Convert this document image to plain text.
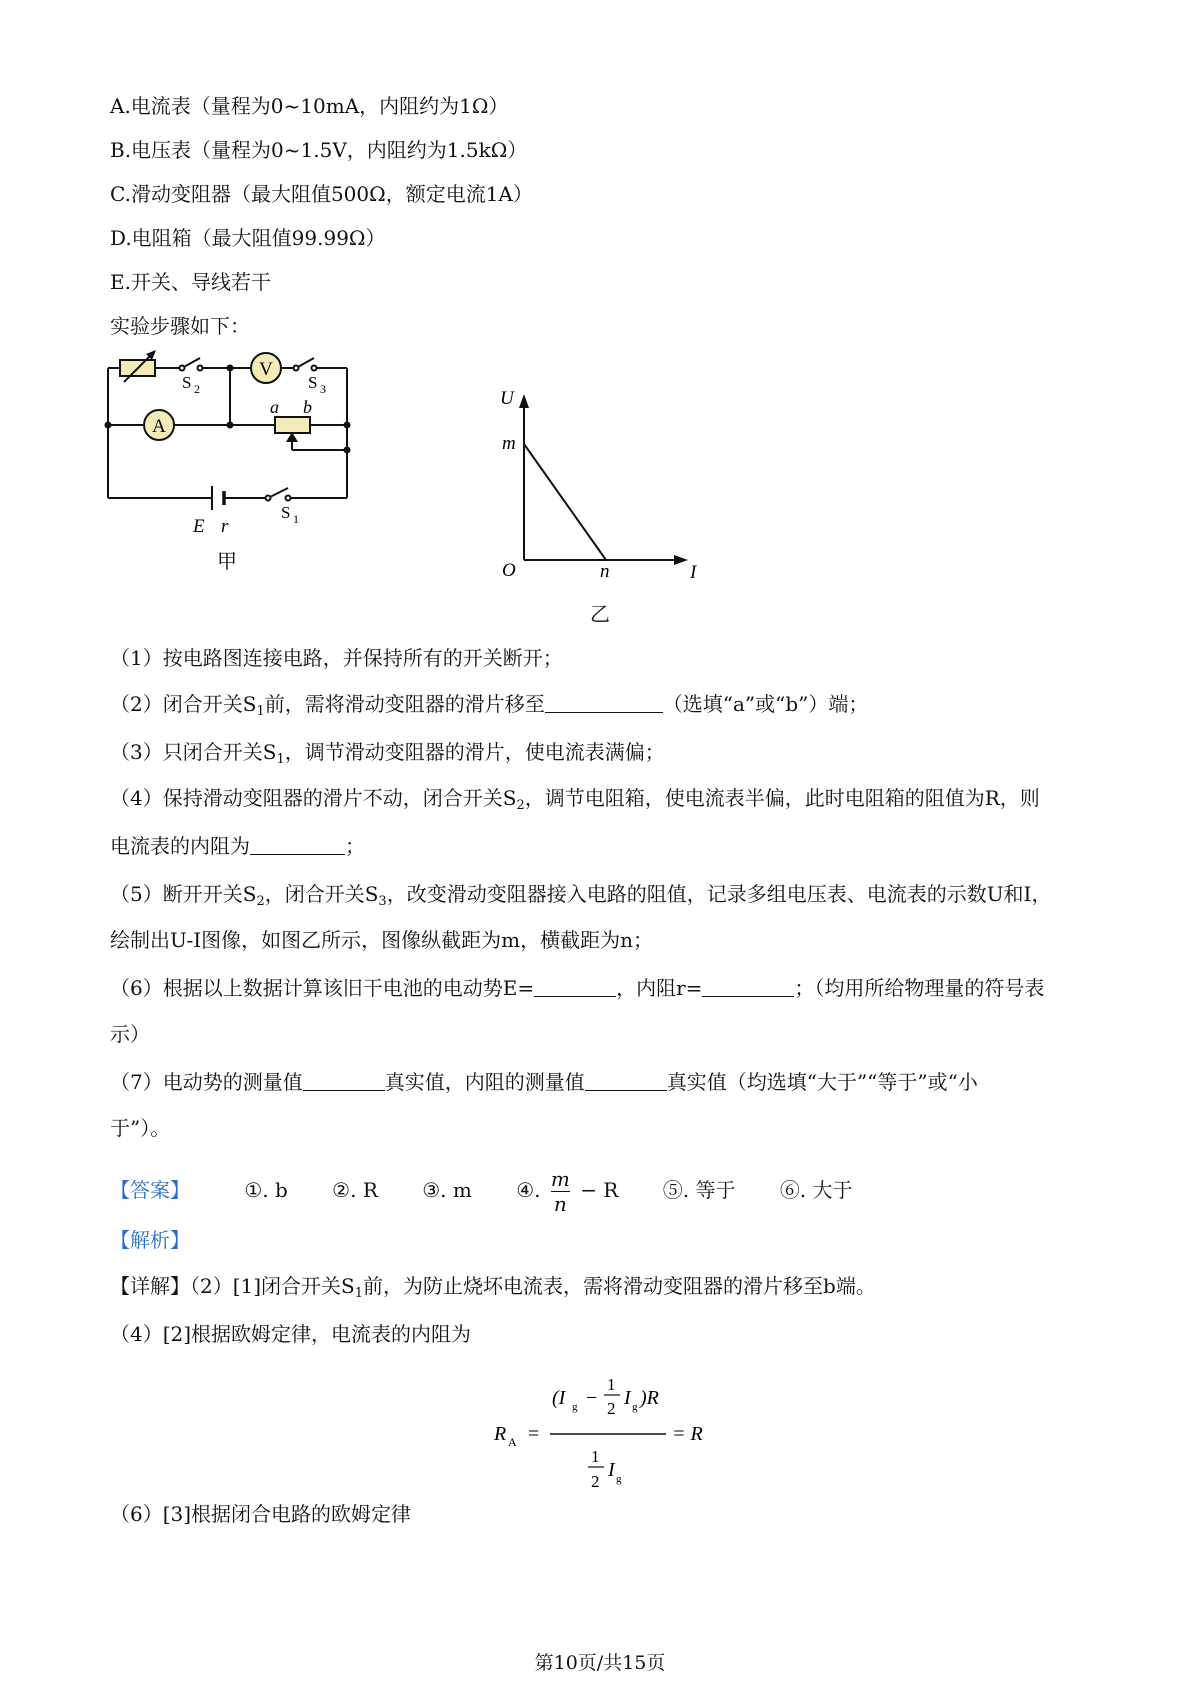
A.电流表（量程为0~10mA，内阻约为1Ω）
B.电压表（量程为0~1.5V，内阻约为1.5kΩ）
C.滑动变阻器（最大阻值500Ω，额定电流1A）
D.电阻箱（最大阻值99.99Ω）
E.开关、导线若干
实验步骤如下：
V
A
S 2	S 3
S 1
a b
E r
甲
U
I
O
m
n
乙
（1）按电路图连接电路，并保持所有的开关断开；
（2）闭合开关$S_1$前，需将滑动变阻器的滑片移至	（选填“a”或“b”）端；
（3）只闭合开关$S_1$，调节滑动变阻器的滑片，使电流表满偏；
（4）保持滑动变阻器的滑片不动，闭合开关$S_2$，调节电阻箱，使电流表半偏，此时电阻箱的阻值为R，则
电流表的内阻为	；
（5）断开开关$S_2$，闭合开关$S_3$，改变滑动变阻器接入电路的阻值，记录多组电压表、电流表的示数U和I，
绘制出U-I图像，如图乙所示，图像纵截距为m，横截距为n；
（6）根据以上数据计算该旧干电池的电动势E=	，内阻r=	；（均用所给物理量的符号表
示）
（7）电动势的测量值	真实值，内阻的测量值	真实值（均选填“大于”“等于”或“小
于”）。
【答案】	①. b ②. R ③. m ④. $\frac{m}{n} - R$ ⑤. 等于 ⑥. 大于
【解析】
【详解】（2）[1]闭合开关$S_1$前，为防止烧坏电流表，需将滑动变阻器的滑片移至b端。
（4）[2]根据欧姆定律，电流表的内阻为
R A =
(I g −
1
2 I g )R
1
2
I g
= R
（6）[3]根据闭合电路的欧姆定律
第10页/共15页
